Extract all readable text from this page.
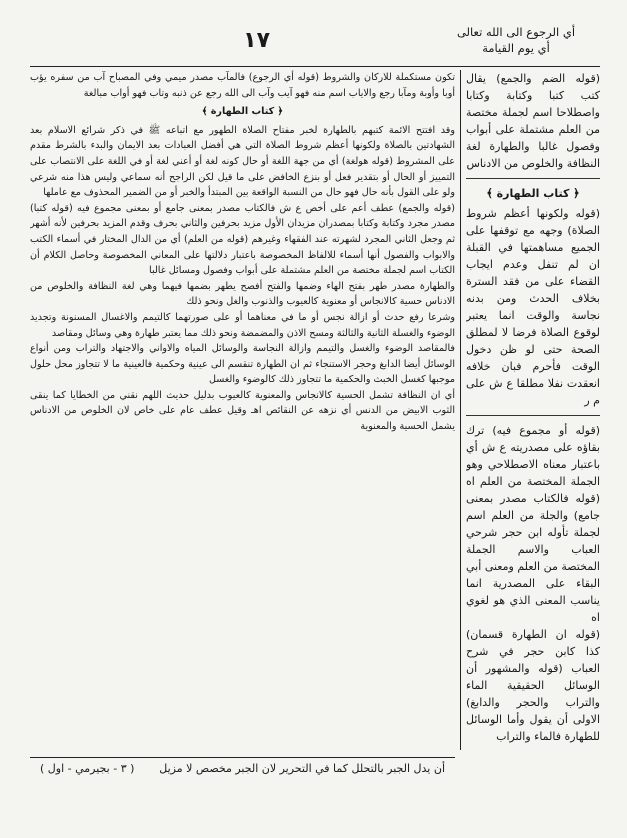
أي الرجوع الى الله تعالى
أي يوم القيامة
١٧

تكون مستكملة للاركان والشروط (قوله أي الرجوع) فالمآب مصدر ميمي وفي المصباح آب من سفره يؤب أوبا وأوبة ومآبا رجع والاياب اسم منه فهو آيب وآب الى الله رجع عن ذنبه وتاب فهو أواب مبالغة

﴿ كتاب الطهارة ﴾

وقد افتتح الائمة كتبهم بالطهارة لخبر مفتاح الصلاة الطهور مع اتباعه ﷺ في ذكر شرائع الاسلام بعد الشهادتين بالصلاة ولكونها أعظم شروط الصلاة التي هي أفضل العبادات بعد الايمان والبدء بالشرط مقدم على المشروط (قوله هولغة) أي من جهة اللغة أو حال كونه لغة أو أعني لغة أو في اللغة على الانتصاب على التمييز أو الحال أو بتقدير فعل أو بنزع الخافض على ما قيل لكن الراجح أنه سماعي وليس هذا منه شرعي ولو على القول بأنه حال فهو حال من النسبة الواقعة بين المبتدأ والخبر أو من الضمير المحذوف مع عاملها

(قوله والجمع) عطف أعم على أخص ع ش فالكتاب مصدر بمعنى جامع أو بمعنى مجموع فيه (قوله كتبا) مصدر مجرد وكتابة وكتابا بمصدران مزيدان الأول مزيد بحرفين والثاني بحرف وقدم المزيد بحرفين لأنه أشهر ثم وجعل الثاني المجرد لشهرته عند الفقهاء وغيرهم (قوله من العلم) أي من الدال المختار في أسماء الكتب والابواب والفصول أنها أسماء للالفاظ المخصوصة باعتبار دلالتها على المعاني المخصوصة وحاصل الكلام أن الكتاب اسم لجملة مختصة من العلم مشتملة على أبواب وفصول ومسائل غالبا

والطهارة مصدر طهر بفتح الهاء وضمها والفتح أفصح يطهر بضمها فيهما وهي لغة النظافة والخلوص من الادناس حسية كالانجاس أو معنوية كالعيوب والذنوب والغل ونحو ذلك

وشرعا رفع حدث أو ازالة نجس أو ما في معناهما أو على صورتهما كالتيمم والاغسال المسنونة وتجديد الوضوء والغسلة الثانية والثالثة ومسح الاذن والمضمضة ونحو ذلك مما يعتبر طهارة وهي وسائل ومقاصد

فالمقاصد الوضوء والغسل والتيمم وازالة النجاسة والوسائل المياه والاواني والاجتهاد والتراب ومن أنواع الوسائل أيضا الدابغ وحجر الاستنجاء ثم ان الطهارة تنقسم الى عينية وحكمية فالعينية ما لا تتجاوز محل حلول موجبها كغسل الخبث والحكمية ما تتجاوز ذلك كالوضوء والغسل

أي ان النظافة تشمل الحسية كالانجاس والمعنوية كالعيوب بدليل حديث اللهم نقني من الخطايا كما ينقى الثوب الابيض من الدنس أي نزهه عن النقائص اهـ وقيل عطف عام على خاص لان الخلوص من الادناس يشمل الحسية والمعنوية

(قوله الضم والجمع) يقال كتب كتبا وكتابة وكتابا واصطلاحا اسم لجملة مختصة من العلم مشتملة على أبواب وفصول غالبا والطهارة لغة النظافة والخلوص من الادناس

﴿ كتاب الطهارة ﴾

(قوله ولكونها أعظم شروط الصلاة) وجهه مع توقفها على الجميع مساهمتها في القبلة ان لم تنفل وعدم ايجاب القضاء على من فقد السترة بخلاف الحدث ومن بدنه نجاسة والوقت انما يعتبر لوقوع الصلاة فرضا لا لمطلق الصحة حتى لو ظن دخول الوقت فأحرم فبان خلافه انعقدت نفلا مطلقا ع ش على م ر

(قوله أو مجموع فيه) ترك بقاؤه على مصدريته ع ش أي باعتبار معناه الاصطلاحي وهو الجملة المختصة من العلم اه (قوله فالكتاب مصدر بمعنى جامع) والجلة من العلم اسم لجملة تأوله ابن حجر شرحي العباب والاسم الجملة المختصة من العلم ومعنى أبي البقاء على المصدرية انما يناسب المعنى الذي هو لغوي اه

(قوله ان الطهارة قسمان) كذا كابن حجر في شرح العباب (قوله والمشهور أن الوسائل الحقيقية الماء والتراب والحجر والدابغ) الاولى أن يقول وأما الوسائل للطهارة فالماء والتراب

أن يدل الجبر بالتحلل كما في التحرير لان الجبر مخصص لا مزيل
( ٣ - بجيرمي - اول )
